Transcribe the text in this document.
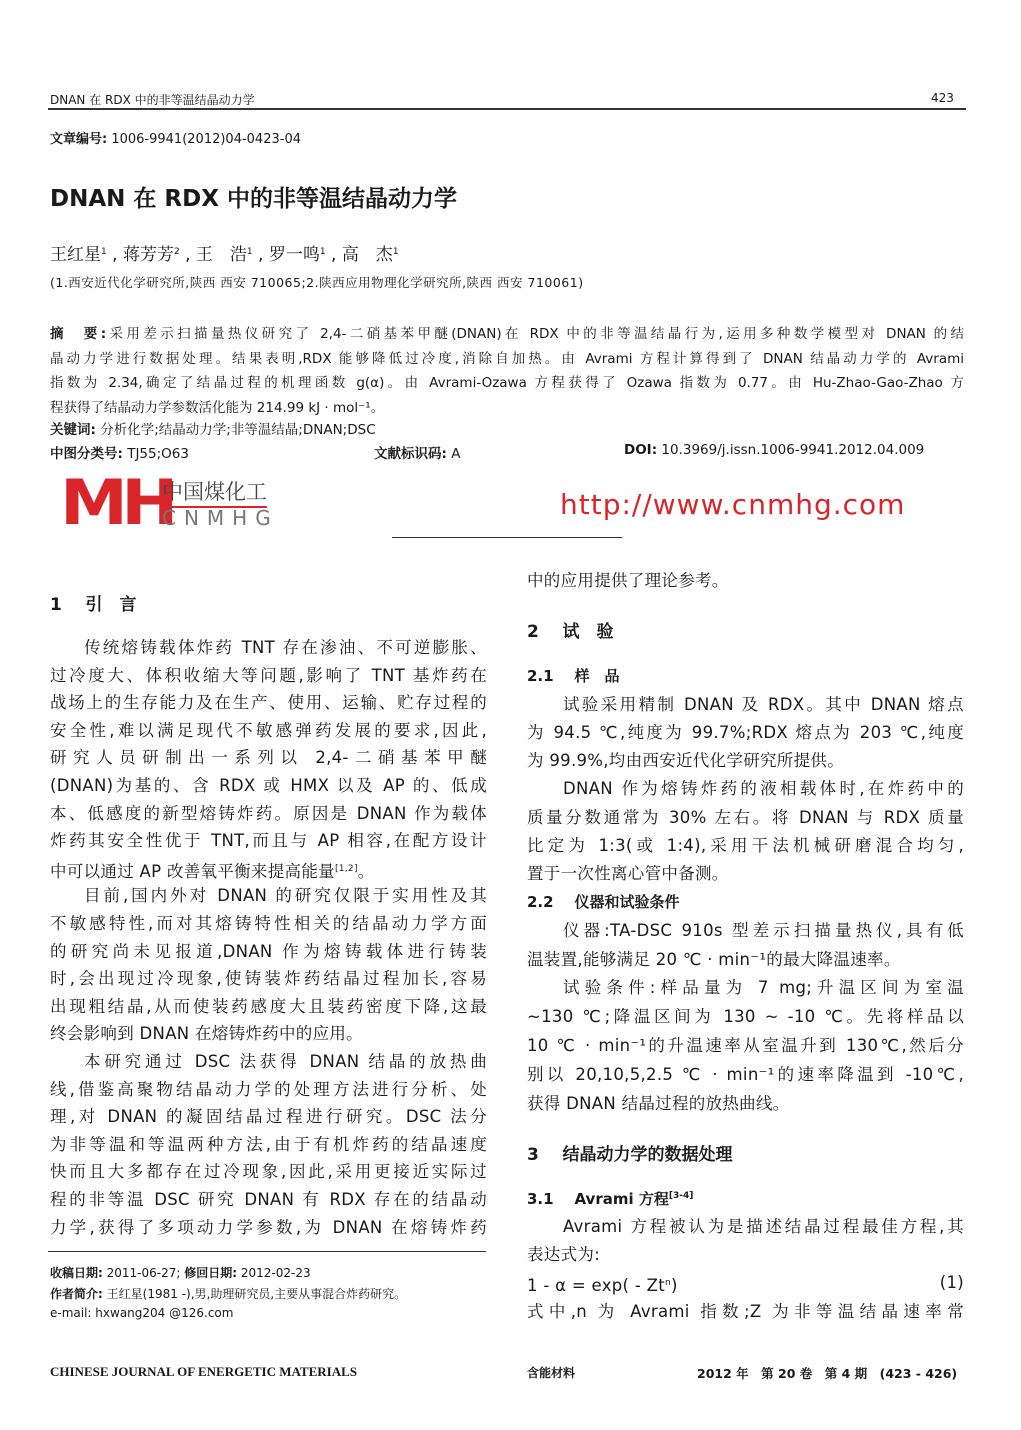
DNAN 在 RDX 中的非等温结晶动力学	423
文章编号: 1006-9941(2012)04-0423-04
DNAN 在 RDX 中的非等温结晶动力学
王红星$^1$ , 蒋芳芳$^2$ , 王　浩$^1$ , 罗一鸣$^1$ , 高　杰$^1$
(1.西安近代化学研究所,陕西 西安 710065;2.陕西应用物理化学研究所,陕西 西安 710061)
摘　要:采用差示扫描量热仪研究了 2,4-二硝基苯甲醚(DNAN)在 RDX 中的非等温结晶行为,运用多种数学模型对 DNAN 的结
晶动力学进行数据处理。结果表明,RDX 能够降低过冷度,消除自加热。由 Avrami 方程计算得到了 DNAN 结晶动力学的 Avrami
指数为 2.34,确定了结晶过程的机理函数 g(α)。由 Avrami-Ozawa 方程获得了 Ozawa 指数为 0.77。由 Hu-Zhao-Gao-Zhao 方
程获得了结晶动力学参数活化能为 214.99 kJ · mol⁻¹。
关键词: 分析化学;结晶动力学;非等温结晶;DNAN;DSC
中图分类号: TJ55;O63	文献标识码: A	DOI: 10.3969/j.issn.1006-9941.2012.04.009
1 引　言
传统熔铸载体炸药 TNT 存在渗油、不可逆膨胀、
过冷度大、体积收缩大等问题,影响了 TNT 基炸药在
战场上的生存能力及在生产、使用、运输、贮存过程的
安全性,难以满足现代不敏感弹药发展的要求,因此,
研究人员研制出一系列以 2,4-二硝基苯甲醚
(DNAN)为基的、含 RDX 或 HMX 以及 AP 的、低成
本、低感度的新型熔铸炸药。原因是 DNAN 作为载体
炸药其安全性优于 TNT,而且与 AP 相容,在配方设计
中可以通过 AP 改善氧平衡来提高能量[1,2]。
目前,国内外对 DNAN 的研究仅限于实用性及其
不敏感特性,而对其熔铸特性相关的结晶动力学方面
的研究尚未见报道,DNAN 作为熔铸载体进行铸装
时,会出现过冷现象,使铸装炸药结晶过程加长,容易
出现粗结晶,从而使装药感度大且装药密度下降,这最
终会影响到 DNAN 在熔铸炸药中的应用。
本研究通过 DSC 法获得 DNAN 结晶的放热曲
线,借鉴高聚物结晶动力学的处理方法进行分析、处
理,对 DNAN 的凝固结晶过程进行研究。DSC 法分
为非等温和等温两种方法,由于有机炸药的结晶速度
快而且大多都存在过冷现象,因此,采用更接近实际过
程的非等温 DSC 研究 DNAN 有 RDX 存在的结晶动
力学,获得了多项动力学参数,为 DNAN 在熔铸炸药
中的应用提供了理论参考。
2 试　验
2.1 样　品
试验采用精制 DNAN 及 RDX。其中 DNAN 熔点
为 94.5 ℃,纯度为 99.7%;RDX 熔点为 203 ℃,纯度
为 99.9%,均由西安近代化学研究所提供。
DNAN 作为熔铸炸药的液相载体时,在炸药中的
质量分数通常为 30% 左右。将 DNAN 与 RDX 质量
比定为 1:3(或 1:4),采用干法机械研磨混合均匀,
置于一次性离心管中备测。
2.2 仪器和试验条件
仪器:TA-DSC 910s 型差示扫描量热仪,具有低
温装置,能够满足 20 ℃ · min⁻¹的最大降温速率。
试验条件:样品量为 7 mg;升温区间为室温
~130 ℃;降温区间为 130 ~ -10 ℃。先将样品以
10 ℃ · min⁻¹的升温速率从室温升到 130℃,然后分
别以 20,10,5,2.5 ℃ · min⁻¹的速率降温到 -10℃,
获得 DNAN 结晶过程的放热曲线。
3 结晶动力学的数据处理
3.1 Avrami 方程[3-4]
Avrami 方程被认为是描述结晶过程最佳方程,其
表达式为:
1 - α = exp( - Zt$^n$)	(1)
式中,n 为 Avrami 指数;Z 为非等温结晶速率常
收稿日期: 2011-06-27; 修回日期: 2012-02-23
作者简介: 王红星(1981 -),男,助理研究员,主要从事混合炸药研究。
e-mail: hxwang204 @126.com
CHINESE JOURNAL OF ENERGETIC MATERIALS	含能材料	2012 年　第 20 卷　第 4 期　(423 - 426)
http://www.cnmhg.com
MH
中国煤化工
CNMHG
